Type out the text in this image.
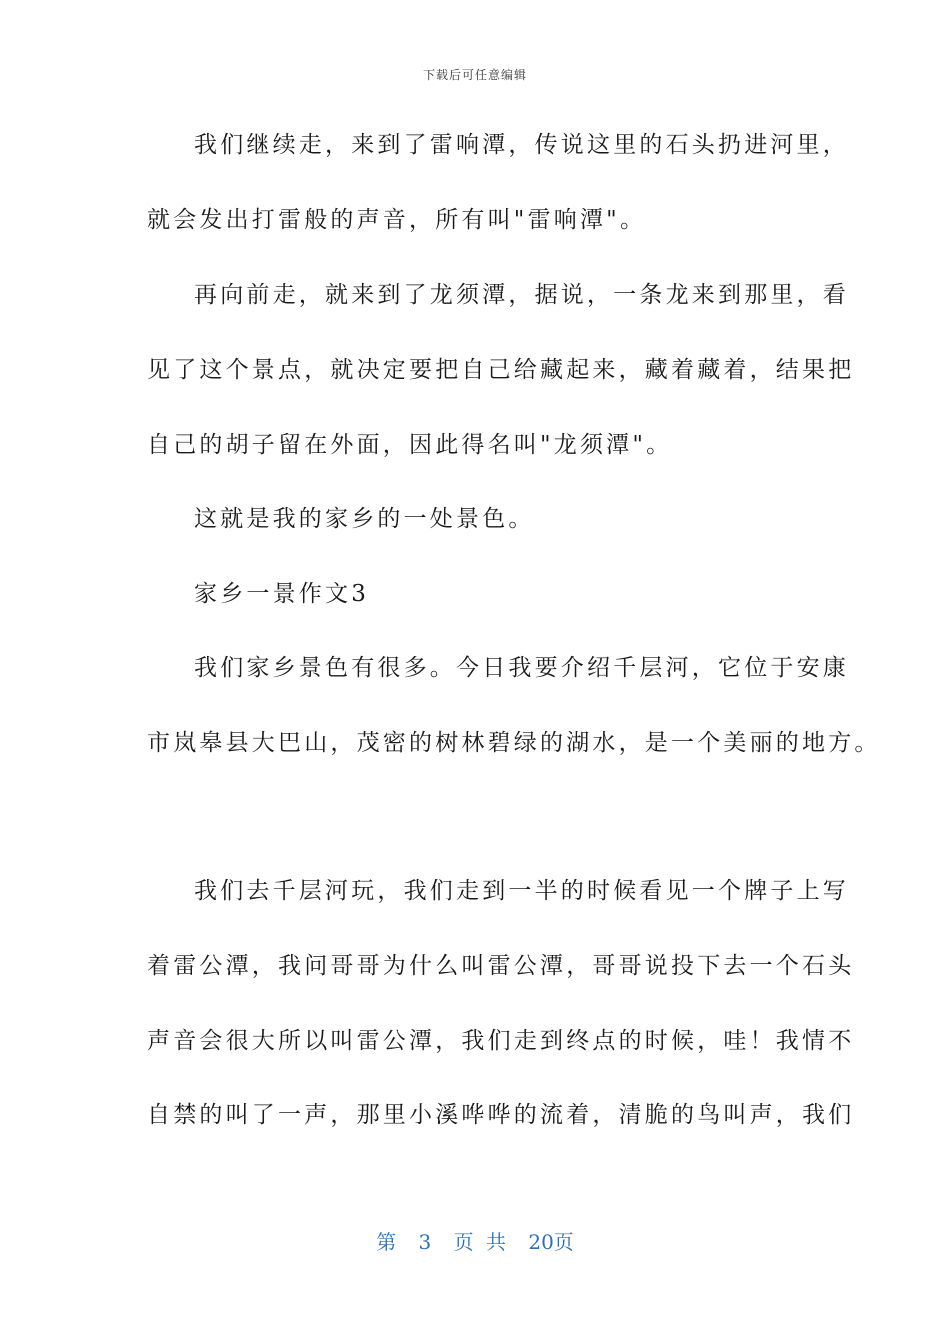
下载后可任意编辑
我们继续走，来到了雷响潭，传说这里的石头扔进河里，
就会发出打雷般的声音，所有叫"雷响潭"。
再向前走，就来到了龙须潭，据说，一条龙来到那里，看
见了这个景点，就决定要把自己给藏起来，藏着藏着，结果把
自己的胡子留在外面，因此得名叫"龙须潭"。
这就是我的家乡的一处景色。
家乡一景作文3
我们家乡景色有很多。今日我要介绍千层河，它位于安康
市岚皋县大巴山，茂密的树林碧绿的湖水，是一个美丽的地方。
我们去千层河玩，我们走到一半的时候看见一个牌子上写
着雷公潭，我问哥哥为什么叫雷公潭，哥哥说投下去一个石头
声音会很大所以叫雷公潭，我们走到终点的时候，哇！我情不
自禁的叫了一声，那里小溪哗哗的流着，清脆的鸟叫声，我们
第 3 页 共 20页
